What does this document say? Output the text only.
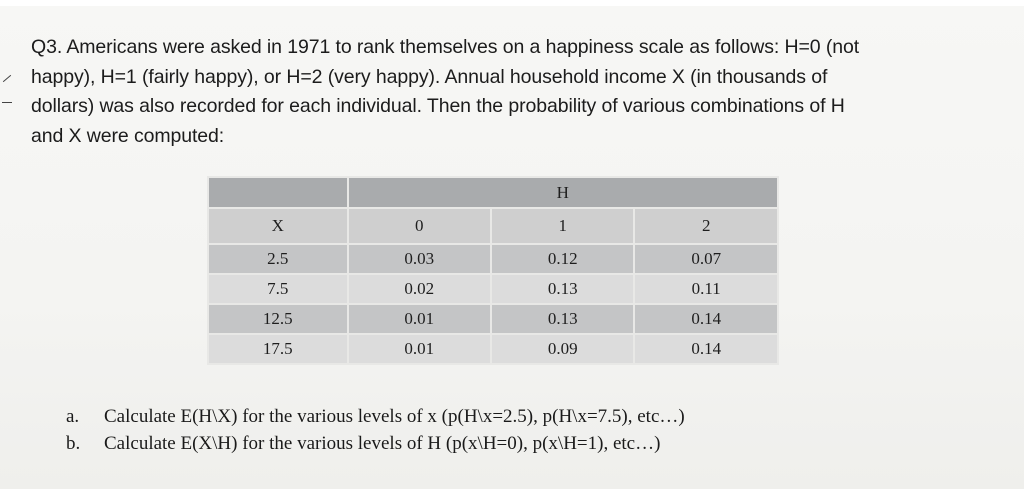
Q3. Americans were asked in 1971 to rank themselves on a happiness scale as follows: H=0 (not
happy), H=1 (fairly happy), or H=2 (very happy). Annual household income X (in thousands of
dollars) was also recorded for each individual. Then the probability of various combinations of H
and X were computed:

	H		
X	0	1	2
2.5	0.03	0.12	0.07
7.5	0.02	0.13	0.11
12.5	0.01	0.13	0.14
17.5	0.01	0.09	0.14
a.	Calculate E(H\X) for the various levels of x (p(H\x=2.5), p(H\x=7.5), etc…)
b.	Calculate E(X\H) for the various levels of H (p(x\H=0), p(x\H=1), etc…)
